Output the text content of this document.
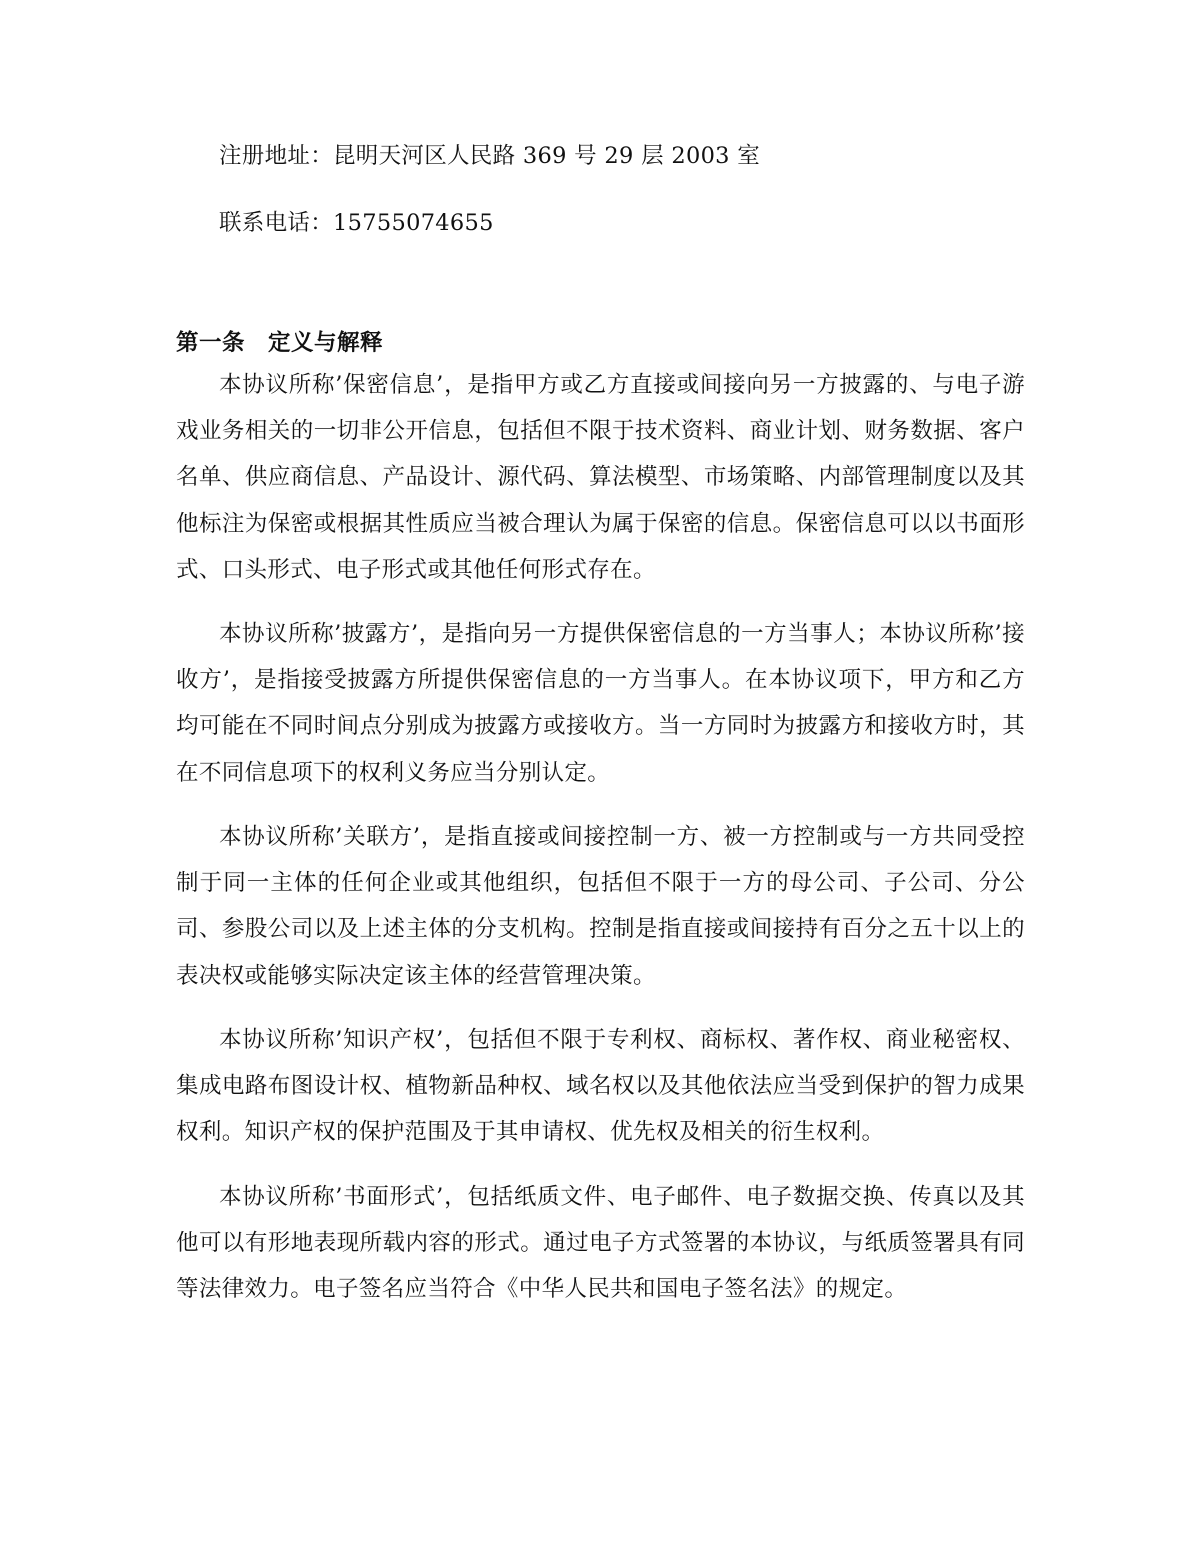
注册地址：昆明天河区人民路 369 号 29 层 2003 室
联系电话：15755074655
第一条　定义与解释

本协议所称’保密信息’，是指甲方或乙方直接或间接向另一方披露的、与电子游戏业务相关的一切非公开信息，包括但不限于技术资料、商业计划、财务数据、客户名单、供应商信息、产品设计、源代码、算法模型、市场策略、内部管理制度以及其他标注为保密或根据其性质应当被合理认为属于保密的信息。保密信息可以以书面形式、口头形式、电子形式或其他任何形式存在。

本协议所称’披露方’，是指向另一方提供保密信息的一方当事人；本协议所称’接收方’，是指接受披露方所提供保密信息的一方当事人。在本协议项下，甲方和乙方均可能在不同时间点分别成为披露方或接收方。当一方同时为披露方和接收方时，其在不同信息项下的权利义务应当分别认定。

本协议所称’关联方’，是指直接或间接控制一方、被一方控制或与一方共同受控制于同一主体的任何企业或其他组织，包括但不限于一方的母公司、子公司、分公司、参股公司以及上述主体的分支机构。控制是指直接或间接持有百分之五十以上的表决权或能够实际决定该主体的经营管理决策。

本协议所称’知识产权’，包括但不限于专利权、商标权、著作权、商业秘密权、集成电路布图设计权、植物新品种权、域名权以及其他依法应当受到保护的智力成果权利。知识产权的保护范围及于其申请权、优先权及相关的衍生权利。

本协议所称’书面形式’，包括纸质文件、电子邮件、电子数据交换、传真以及其他可以有形地表现所载内容的形式。通过电子方式签署的本协议，与纸质签署具有同等法律效力。电子签名应当符合《中华人民共和国电子签名法》的规定。
